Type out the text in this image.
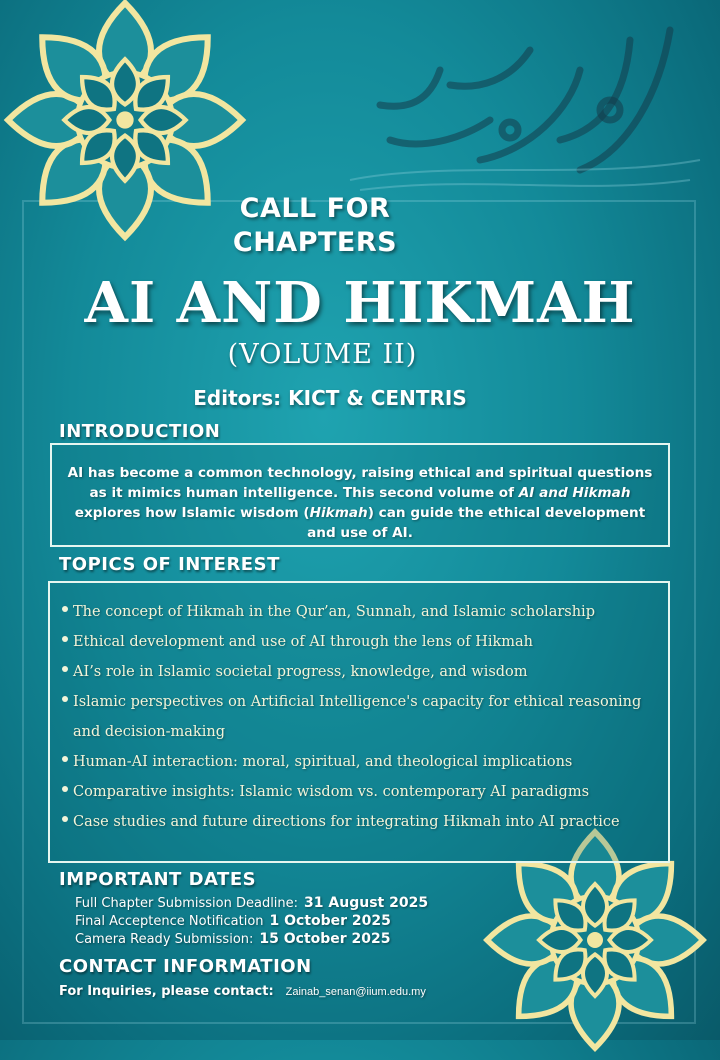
CALL FOR
CHAPTERS
AI AND HIKMAH
(VOLUME II)
Editors: KICT & CENTRIS
INTRODUCTION
AI has become a common technology, raising ethical and spiritual questions as it mimics human intelligence. This second volume of AI and Hikmah explores how Islamic wisdom (Hikmah) can guide the ethical development and use of AI.
TOPICS OF INTEREST
The concept of Hikmah in the Qur’an, Sunnah, and Islamic scholarship
Ethical development and use of AI through the lens of Hikmah
AI’s role in Islamic societal progress, knowledge, and wisdom
Islamic perspectives on Artificial Intelligence's capacity for ethical reasoning and decision-making
Human-AI interaction: moral, spiritual, and theological implications
Comparative insights: Islamic wisdom vs. contemporary AI paradigms
Case studies and future directions for integrating Hikmah into AI practice
IMPORTANT DATES
Full Chapter Submission Deadline: 31 August 2025
Final Acceptence Notification 1 October 2025
Camera Ready Submission: 15 October 2025
CONTACT INFORMATION
For Inquiries, please contact: Zainab_senan@iium.edu.my
